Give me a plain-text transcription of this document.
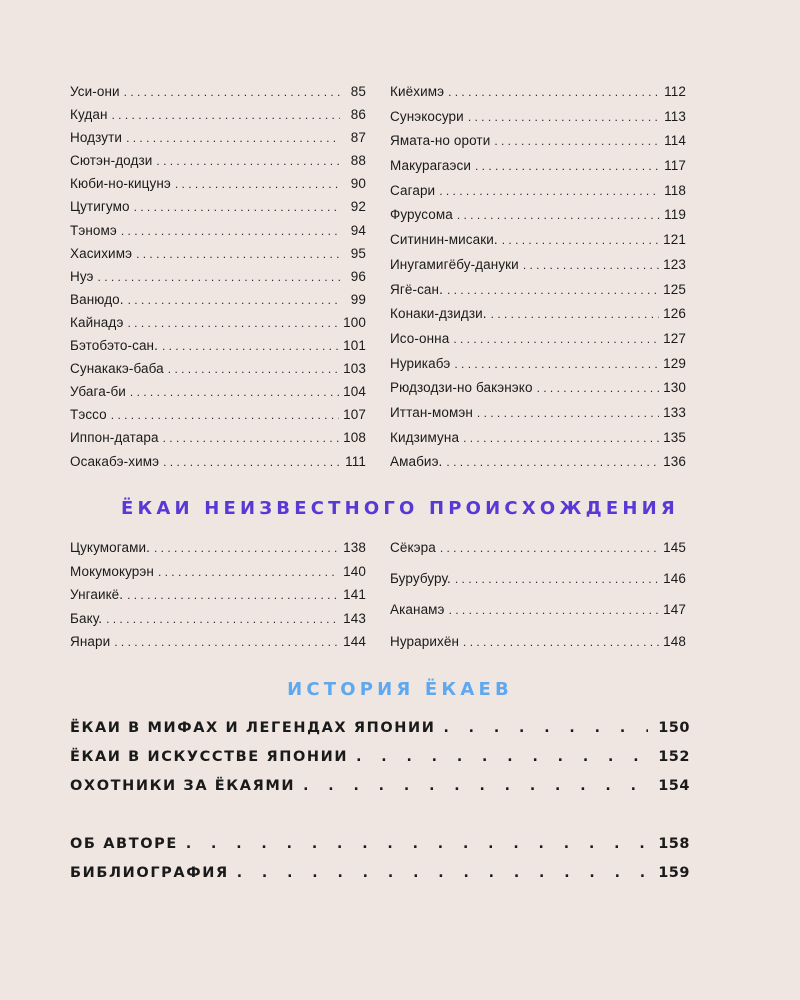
Уси-они . . .	85
Кудан . . .	86
Нодзути . . .	87
Сютэн-додзи . . .	88
Кюби-но-кицунэ . . .	90
Цутигумо . . .	92
Тэномэ . . .	94
Хасихимэ . . .	95
Нуэ . . .	96
Ванюдо. . . .	99
Кайнадэ . . .	100
Бэтобэто-сан. . . .	101
Сунакакэ-баба . . .	103
Убага-би . . .	104
Тэссо . . .	107
Иппон-датара . . .	108
Осакабэ-химэ . . .	111
Киёхимэ . . .	112
Сунэкосури . . .	113
Ямата-но ороти . . .	114
Макурагаэси . . .	117
Сагари . . .	118
Фурусома . . .	119
Ситинин-мисаки. . . .	121
Инугамигёбу-дануки . . .	123
Ягё-сан. . . .	125
Конаки-дзидзи. . . .	126
Исо-онна . . .	127
Нурикабэ . . .	129
Рюдзодзи-но бакэнэко . . .	130
Иттан-момэн . . .	133
Кидзимуна . . .	135
Амабиэ. . . .	136
ЁКАИ НЕИЗВЕСТНОГО ПРОИСХОЖДЕНИЯ
Цукумогами. . . .	138
Мокумокурэн . . .	140
Унгаикё. . . .	141
Баку. . . .	143
Янари . . .	144
Сёкэра . . .	145
Бурубуру. . . .	146
Аканамэ . . .	147
Нурарихён . . .	148
ИСТОРИЯ ЁКАЕВ
ЁКАИ В МИФАХ И ЛЕГЕНДАХ ЯПОНИИ . . .	150
ЁКАИ В ИСКУССТВЕ ЯПОНИИ . . .	152
ОХОТНИКИ ЗА ЁКАЯМИ . . .	154
ОБ АВТОРЕ . . .	158
БИБЛИОГРАФИЯ . . .	159
